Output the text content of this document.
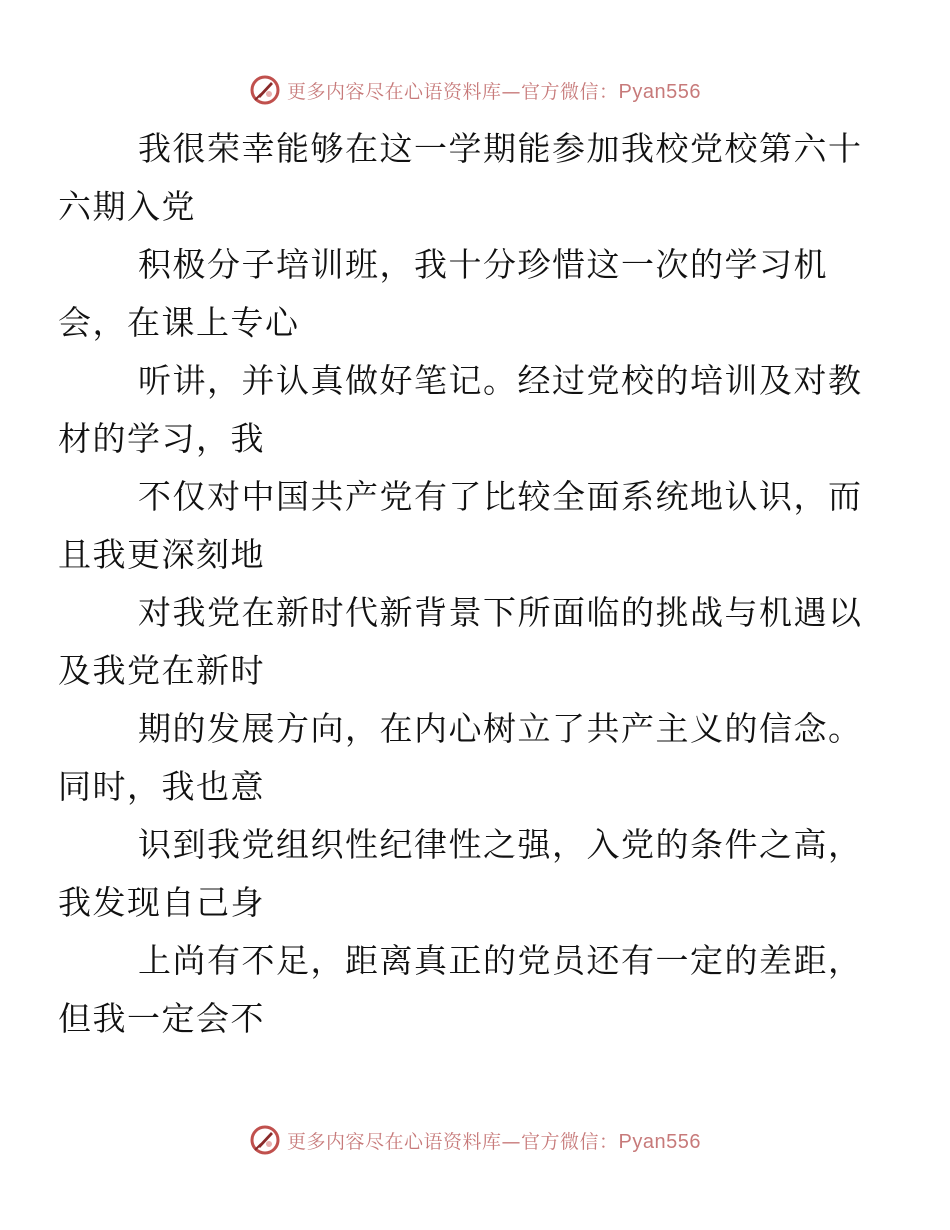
更多内容尽在心语资料库—官方微信：Pyan556

我很荣幸能够在这一学期能参加我校党校第六十
六期入党

积极分子培训班，我十分珍惜这一次的学习机
会，在课上专心

听讲，并认真做好笔记。经过党校的培训及对教
材的学习，我

不仅对中国共产党有了比较全面系统地认识，而
且我更深刻地

对我党在新时代新背景下所面临的挑战与机遇以
及我党在新时

期的发展方向，在内心树立了共产主义的信念。
同时，我也意

识到我党组织性纪律性之强，入党的条件之高，
我发现自己身

上尚有不足，距离真正的党员还有一定的差距，
但我一定会不

更多内容尽在心语资料库—官方微信：Pyan556
